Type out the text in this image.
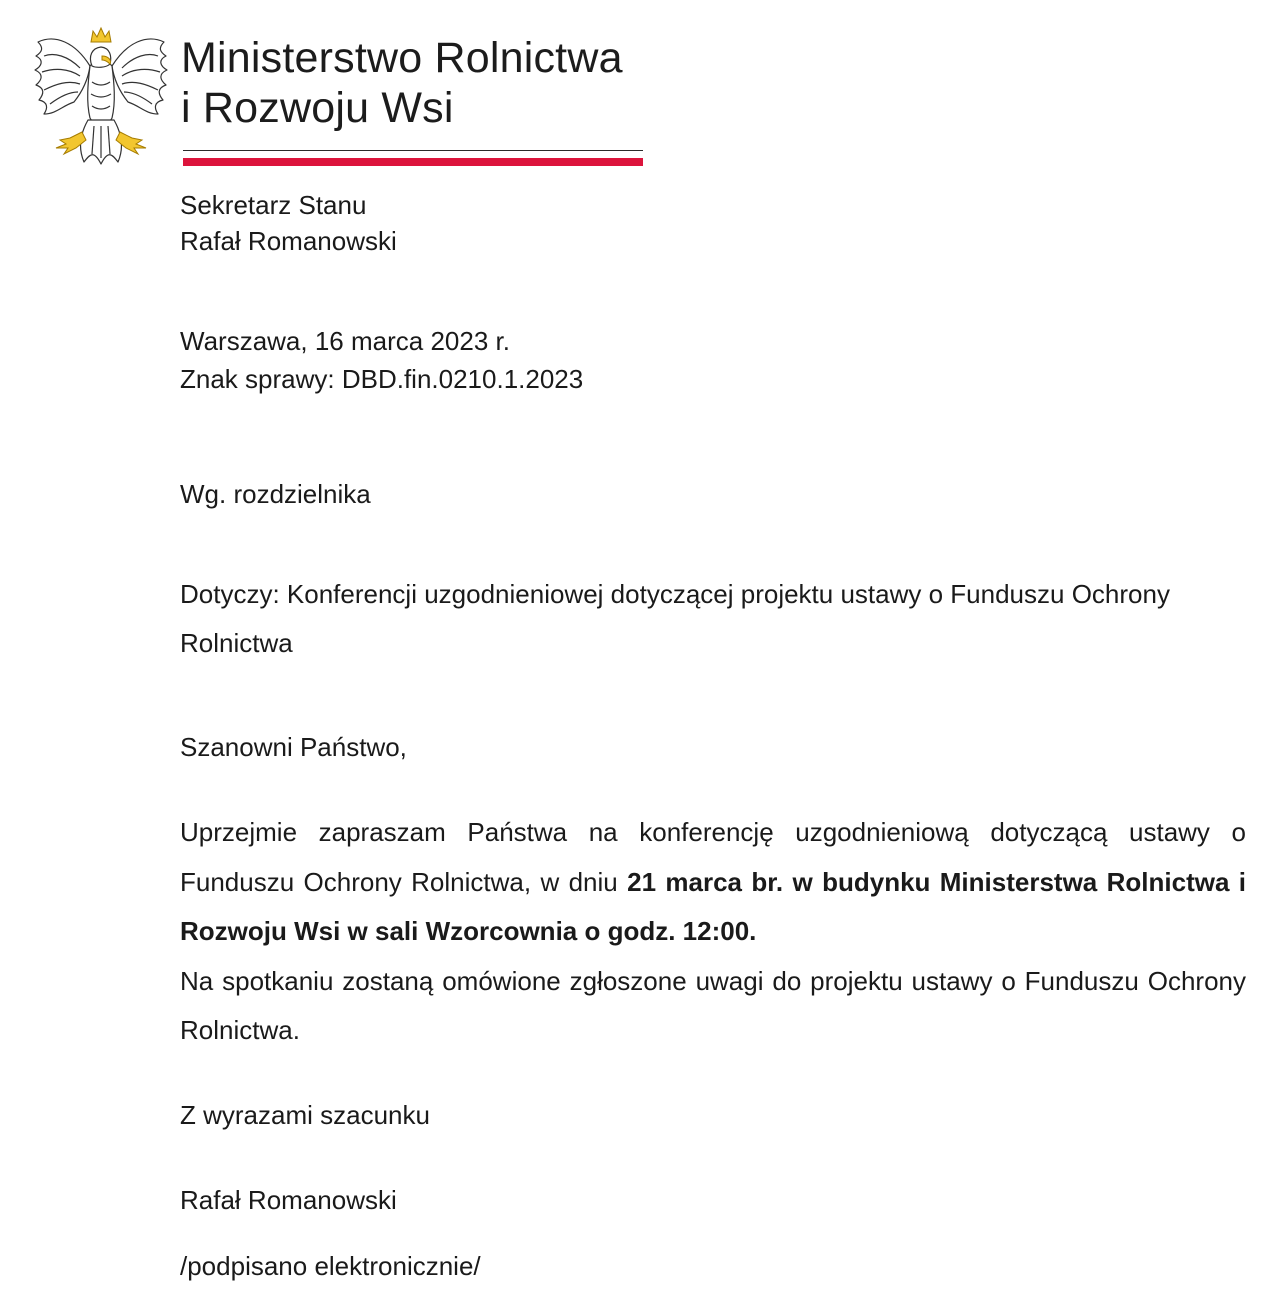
Ministerstwo Rolnictwa
i Rozwoju Wsi
Sekretarz Stanu
Rafał Romanowski
Warszawa, 16 marca 2023 r.
Znak sprawy: DBD.fin.0210.1.2023
Wg. rozdzielnika
Dotyczy: Konferencji uzgodnieniowej dotyczącej projektu ustawy o Funduszu Ochrony Rolnictwa
Szanowni Państwo,

Uprzejmie zapraszam Państwa na konferencję uzgodnieniową dotyczącą ustawy o Funduszu Ochrony Rolnictwa, w dniu 21 marca br. w budynku Ministerstwa Rolnictwa i Rozwoju Wsi w sali Wzorcownia o godz. 12:00.

Na spotkaniu zostaną omówione zgłoszone uwagi do projektu ustawy o Funduszu Ochrony Rolnictwa.

Z wyrazami szacunku
Rafał Romanowski
/podpisano elektronicznie/
